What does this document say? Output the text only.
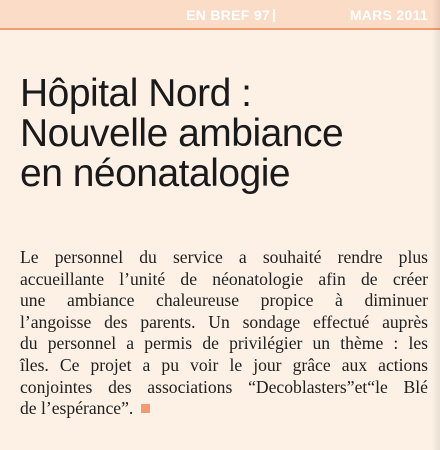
EN BREF 97 |	MARS 2011
Hôpital Nord :
Nouvelle ambiance
en néonatalogie
Le personnel du service a souhaité rendre plus
accueillante l’unité de néonatologie afin de créer
une ambiance chaleureuse propice à diminuer
l’angoisse des parents. Un sondage effectué auprès
du personnel a permis de privilégier un thème : les
îles. Ce projet a pu voir le jour grâce aux actions
conjointes des associations “Decoblasters”et“le Blé
de l’espérance”.
